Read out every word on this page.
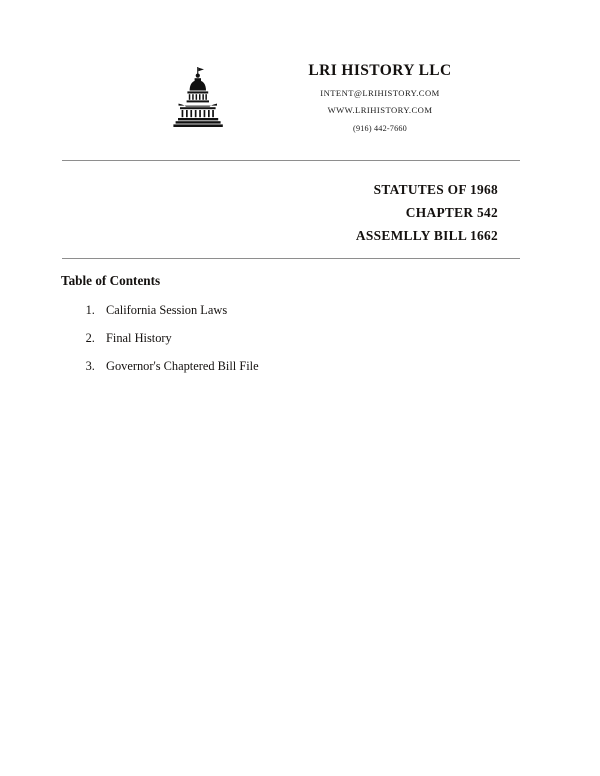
LRI HISTORY LLC
INTENT@LRIHISTORY.COM
WWW.LRIHISTORY.COM
(916) 442-7660
STATUTES OF 1968
CHAPTER 542
ASSEMLLY BILL 1662
Table of Contents
1. California Session Laws
2. Final History
3. Governor's Chaptered Bill File
